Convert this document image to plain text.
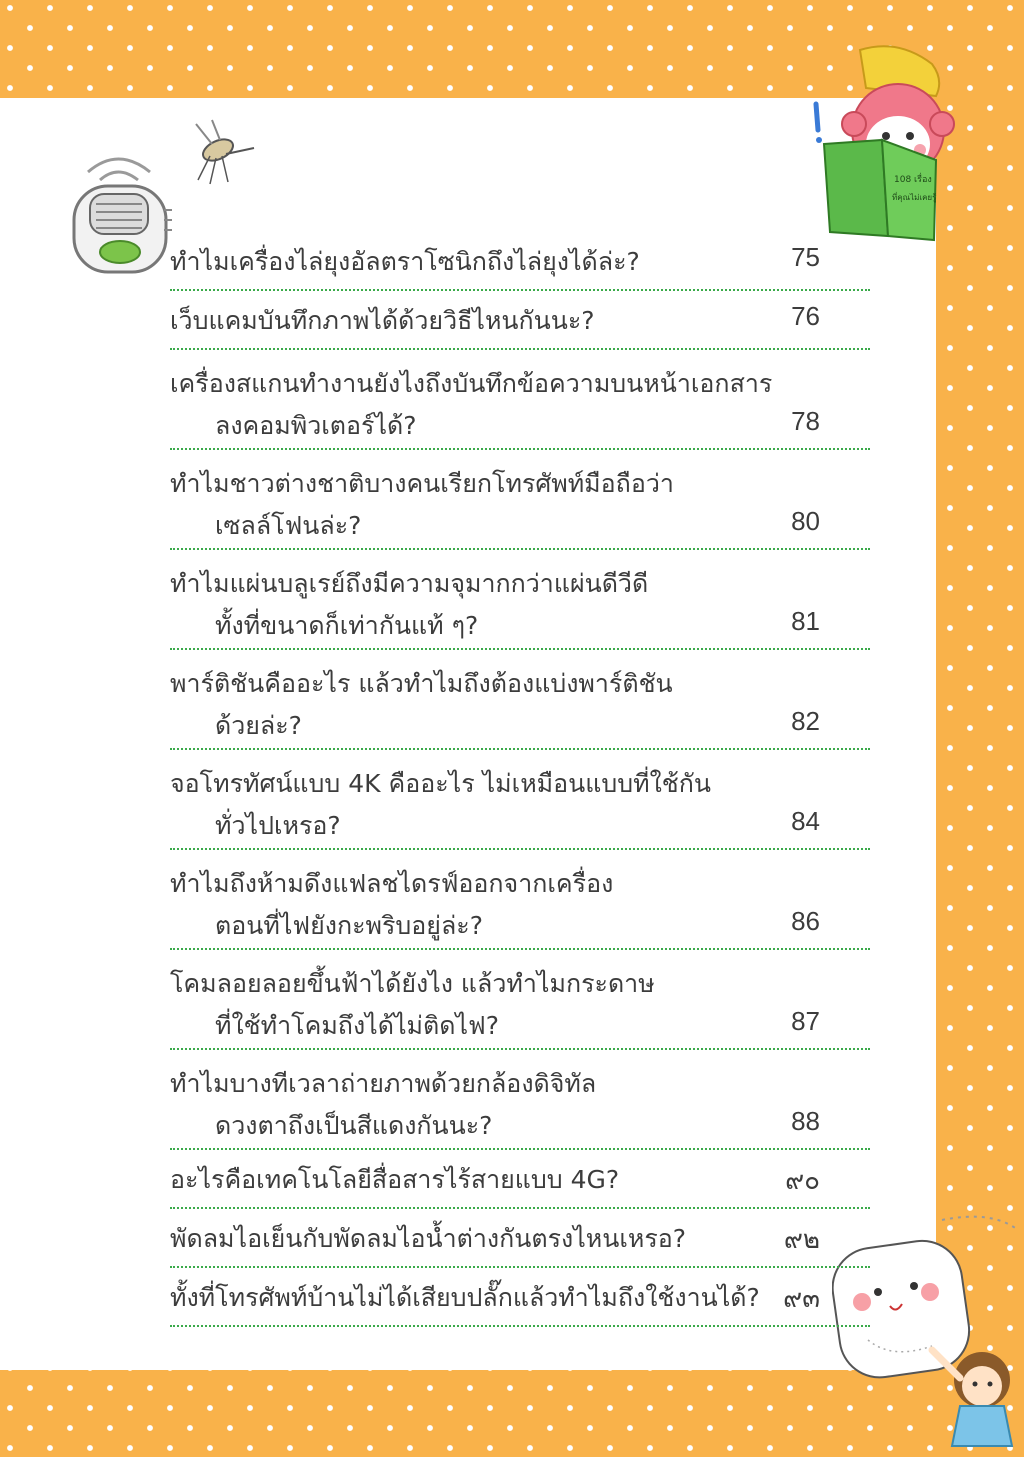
108 เรื่อง
ที่คุณไม่เคยรู้
ทำไมเครื่องไล่ยุงอัลตราโซนิกถึงไล่ยุงได้ล่ะ?	75
เว็บแคมบันทึกภาพได้ด้วยวิธีไหนกันนะ?	76
เครื่องสแกนทำงานยังไงถึงบันทึกข้อความบนหน้าเอกสาร
ลงคอมพิวเตอร์ได้?	78
ทำไมชาวต่างชาติบางคนเรียกโทรศัพท์มือถือว่า
เซลล์โฟนล่ะ?	80
ทำไมแผ่นบลูเรย์ถึงมีความจุมากกว่าแผ่นดีวีดี
ทั้งที่ขนาดก็เท่ากันแท้ ๆ?	81
พาร์ติชันคืออะไร แล้วทำไมถึงต้องแบ่งพาร์ติชัน
ด้วยล่ะ?	82
จอโทรทัศน์แบบ 4K คืออะไร ไม่เหมือนแบบที่ใช้กัน
ทั่วไปเหรอ?	84
ทำไมถึงห้ามดึงแฟลชไดรฟ์ออกจากเครื่อง
ตอนที่ไฟยังกะพริบอยู่ล่ะ?	86
โคมลอยลอยขึ้นฟ้าได้ยังไง แล้วทำไมกระดาษ
ที่ใช้ทำโคมถึงได้ไม่ติดไฟ?	87
ทำไมบางทีเวลาถ่ายภาพด้วยกล้องดิจิทัล
ดวงตาถึงเป็นสีแดงกันนะ?	88
อะไรคือเทคโนโลยีสื่อสารไร้สายแบบ 4G?	๙๐
พัดลมไอเย็นกับพัดลมไอน้ำต่างกันตรงไหนเหรอ?	๙๒
ทั้งที่โทรศัพท์บ้านไม่ได้เสียบปลั๊กแล้วทำไมถึงใช้งานได้? ๙๓
